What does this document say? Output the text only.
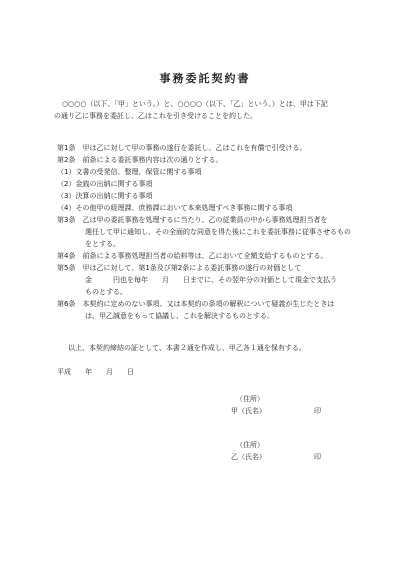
事務委託契約書
○○○○（以下、「甲」という。）と、○○○○（以下、「乙」という。）とは、甲は下記
の通り乙に事務を委託し、乙はこれを引き受けることを約した。
第1条　甲は乙に対して甲の事務の遂行を委託し、乙はこれを有償で引受ける。
第2条　前条による委託事務内容は次の通りとする。
（1）文書の受発信、整理、保管に関する事項
（2）金銭の出納に関する事項
（3）決算の出納に関する事項
（4）その他甲の経理課、庶務課において本来処理すべき事務に関する事項
第3条　乙は甲の委託事務を処理するに当たり、乙の従業員の中から事務処理担当者を
選任して甲に通知し、その全面的な同意を得た後にこれを委託事務に従事させるもの
をとする。
第4条　前条による事務処理担当者の給料等は、乙において全額支給するものとする。
第5条　甲は乙に対して、第1条及び第2条による委託事務の遂行の対価として
金　　　円也を毎年　　月　　日までに、その翌年分の対価として現金で支払う
ものとする。
第6条　本契約に定めのない事項、又は本契約の条項の解釈について疑義が生じたときは
は、甲乙誠意をもって協議し、これを解決するものとする。
以上、本契約締結の証として、本書２通を作成し、甲乙各１通を保有する。
平成　　年　　月　　日
（住所）
甲（氏名）	印
（住所）
乙（氏名）	印
